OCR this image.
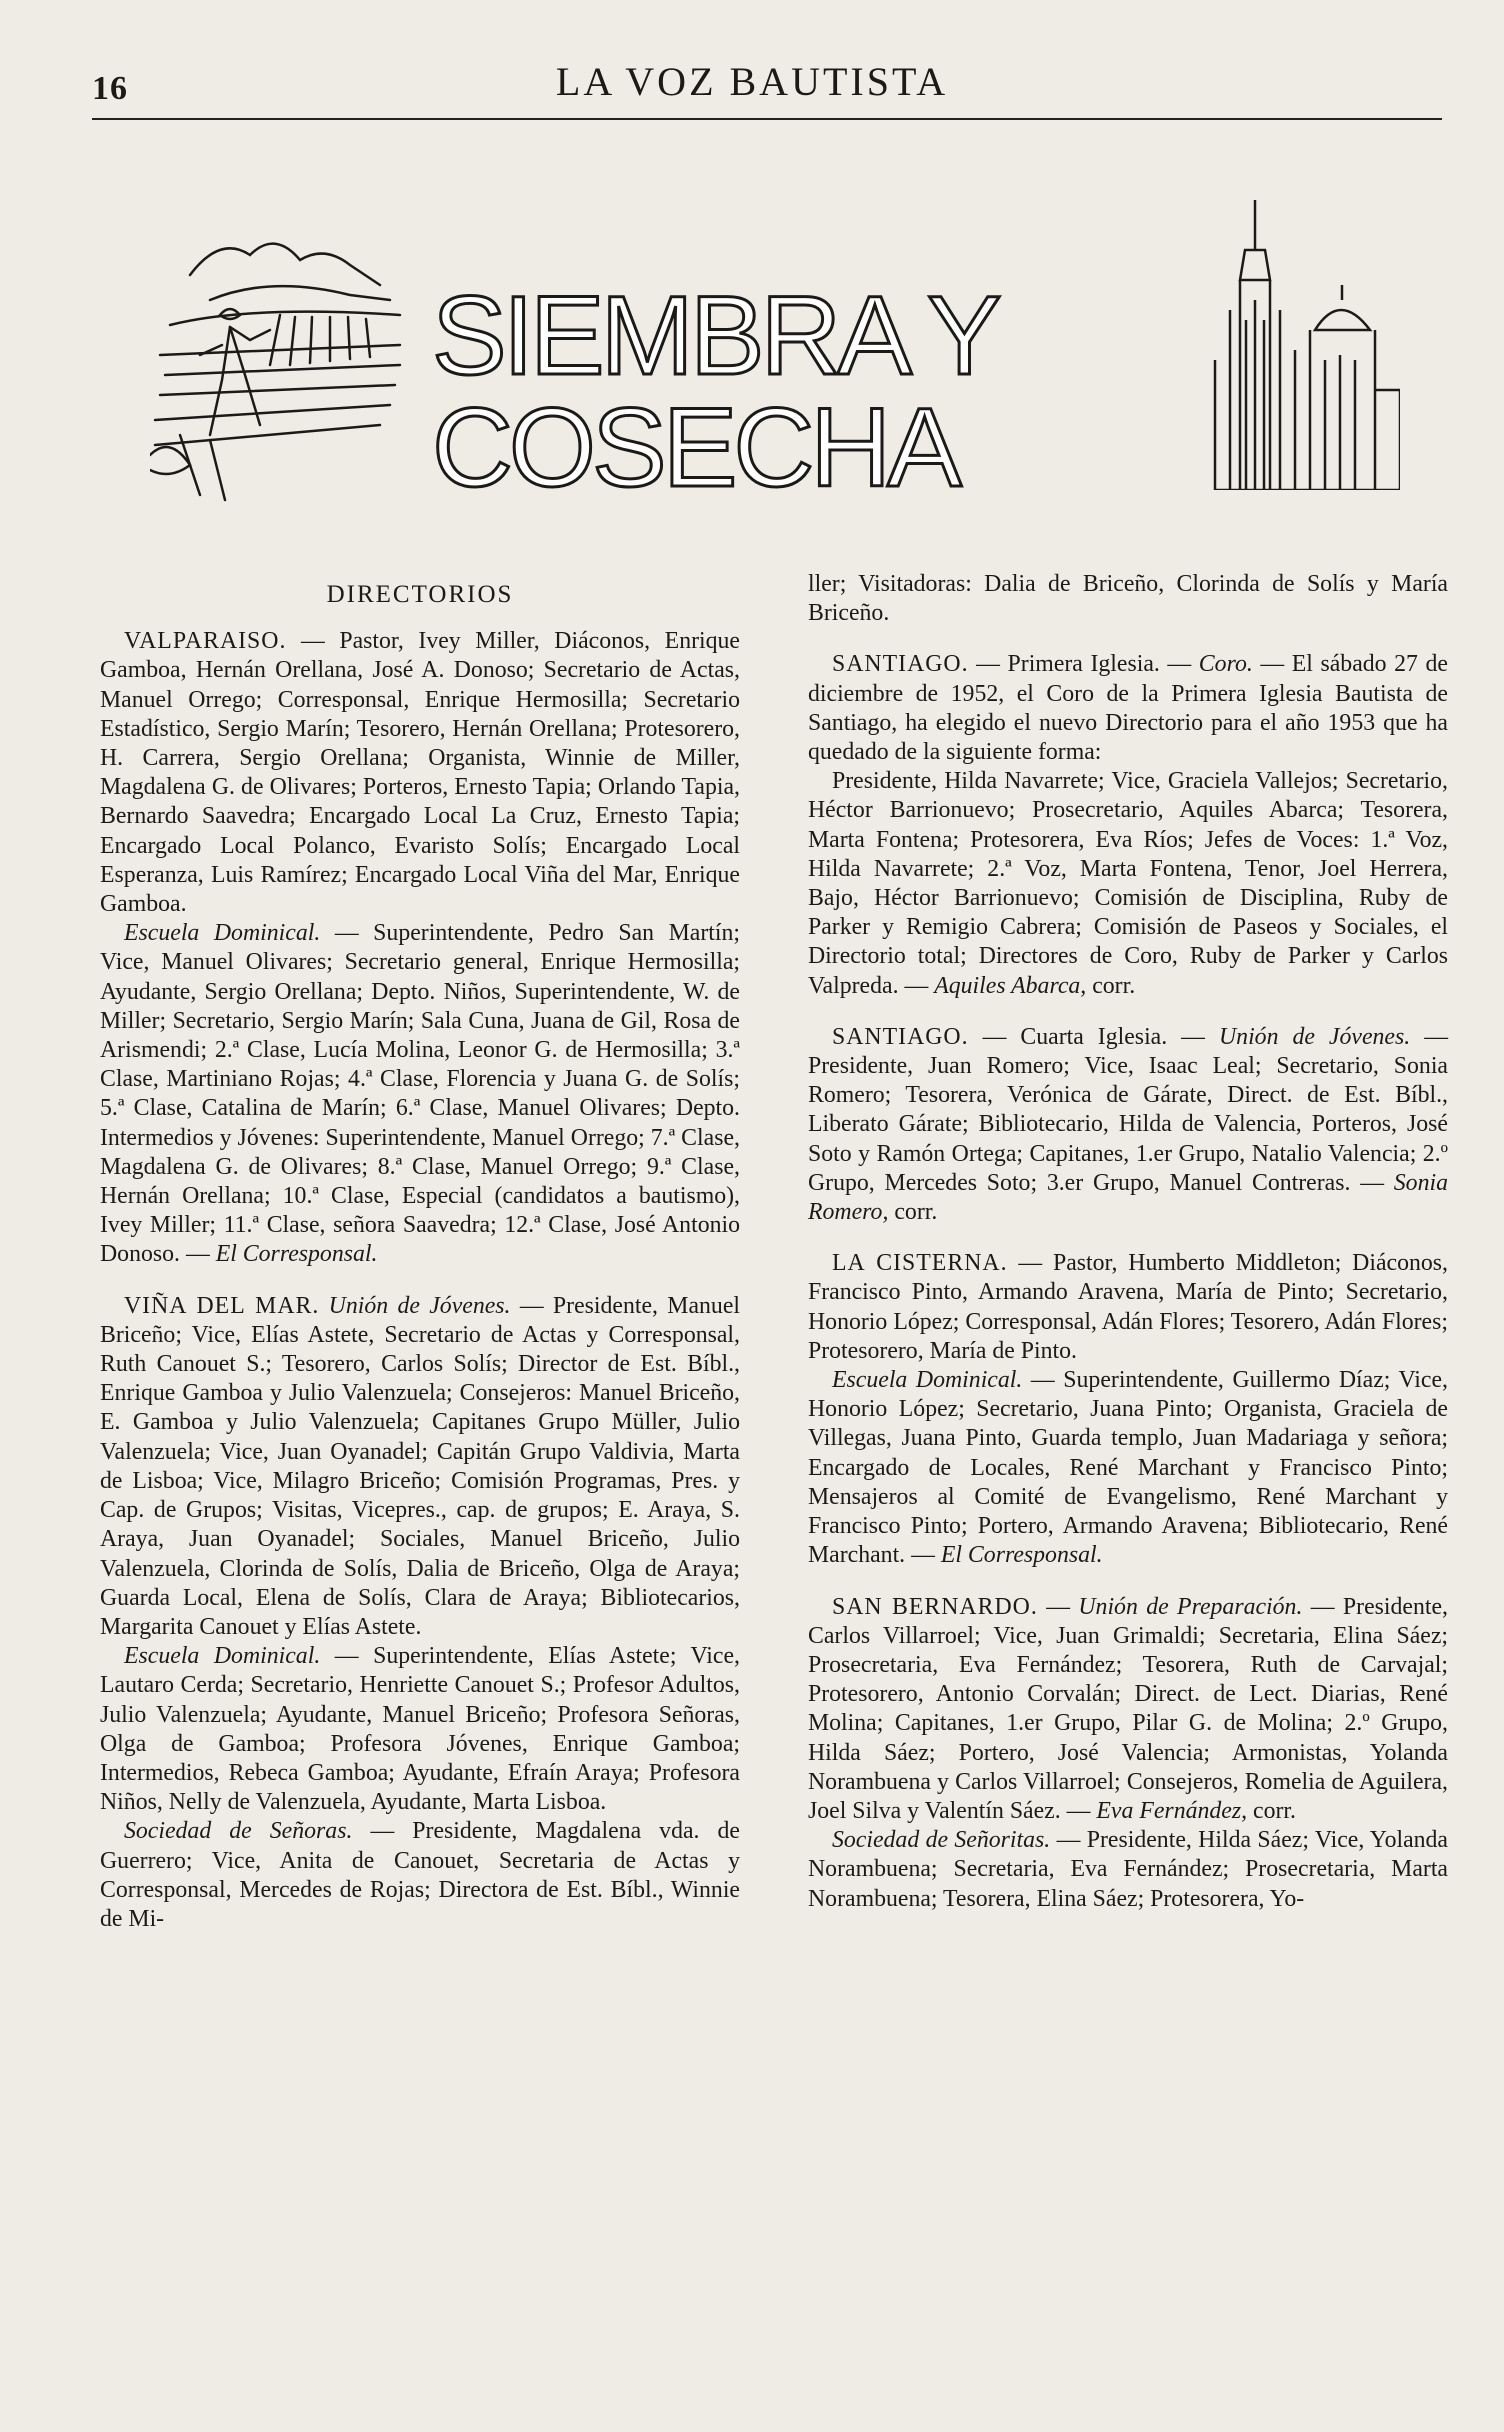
16	LA VOZ BAUTISTA
SIEMBRA Y COSECHA
DIRECTORIOS

VALPARAISO. — Pastor, Ivey Miller, Diáconos, Enrique Gamboa, Hernán Orellana, José A. Donoso; Secretario de Actas, Manuel Orrego; Corresponsal, Enrique Hermosilla; Secretario Estadístico, Sergio Marín; Tesorero, Hernán Orellana; Protesorero, H. Carrera, Sergio Orellana; Organista, Winnie de Miller, Magdalena G. de Olivares; Porteros, Ernesto Tapia; Orlando Tapia, Bernardo Saavedra; Encargado Local La Cruz, Ernesto Tapia; Encargado Local Polanco, Evaristo Solís; Encargado Local Esperanza, Luis Ramírez; Encargado Local Viña del Mar, Enrique Gamboa.

Escuela Dominical. — Superintendente, Pedro San Martín; Vice, Manuel Olivares; Secretario general, Enrique Hermosilla; Ayudante, Sergio Orellana; Depto. Niños, Superintendente, W. de Miller; Secretario, Sergio Marín; Sala Cuna, Juana de Gil, Rosa de Arismendi; 2.ª Clase, Lucía Molina, Leonor G. de Hermosilla; 3.ª Clase, Martiniano Rojas; 4.ª Clase, Florencia y Juana G. de Solís; 5.ª Clase, Catalina de Marín; 6.ª Clase, Manuel Olivares; Depto. Intermedios y Jóvenes: Superintendente, Manuel Orrego; 7.ª Clase, Magdalena G. de Olivares; 8.ª Clase, Manuel Orrego; 9.ª Clase, Hernán Orellana; 10.ª Clase, Especial (candidatos a bautismo), Ivey Miller; 11.ª Clase, señora Saavedra; 12.ª Clase, José Antonio Donoso. — El Corresponsal.

VIÑA DEL MAR. Unión de Jóvenes. — Presidente, Manuel Briceño; Vice, Elías Astete, Secretario de Actas y Corresponsal, Ruth Canouet S.; Tesorero, Carlos Solís; Director de Est. Bíbl., Enrique Gamboa y Julio Valenzuela; Consejeros: Manuel Briceño, E. Gamboa y Julio Valenzuela; Capitanes Grupo Müller, Julio Valenzuela; Vice, Juan Oyanadel; Capitán Grupo Valdivia, Marta de Lisboa; Vice, Milagro Briceño; Comisión Programas, Pres. y Cap. de Grupos; Visitas, Vicepres., cap. de grupos; E. Araya, S. Araya, Juan Oyanadel; Sociales, Manuel Briceño, Julio Valenzuela, Clorinda de Solís, Dalia de Briceño, Olga de Araya; Guarda Local, Elena de Solís, Clara de Araya; Bibliotecarios, Margarita Canouet y Elías Astete.

Escuela Dominical. — Superintendente, Elías Astete; Vice, Lautaro Cerda; Secretario, Henriette Canouet S.; Profesor Adultos, Julio Valenzuela; Ayudante, Manuel Briceño; Profesora Señoras, Olga de Gamboa; Profesora Jóvenes, Enrique Gamboa; Intermedios, Rebeca Gamboa; Ayudante, Efraín Araya; Profesora Niños, Nelly de Valenzuela, Ayudante, Marta Lisboa.

Sociedad de Señoras. — Presidente, Magdalena vda. de Guerrero; Vice, Anita de Canouet, Secretaria de Actas y Corresponsal, Mercedes de Rojas; Directora de Est. Bíbl., Winnie de Mi-

ller; Visitadoras: Dalia de Briceño, Clorinda de Solís y María Briceño.

SANTIAGO. — Primera Iglesia. — Coro. — El sábado 27 de diciembre de 1952, el Coro de la Primera Iglesia Bautista de Santiago, ha elegido el nuevo Directorio para el año 1953 que ha quedado de la siguiente forma:

Presidente, Hilda Navarrete; Vice, Graciela Vallejos; Secretario, Héctor Barrionuevo; Prosecretario, Aquiles Abarca; Tesorera, Marta Fontena; Protesorera, Eva Ríos; Jefes de Voces: 1.ª Voz, Hilda Navarrete; 2.ª Voz, Marta Fontena, Tenor, Joel Herrera, Bajo, Héctor Barrionuevo; Comisión de Disciplina, Ruby de Parker y Remigio Cabrera; Comisión de Paseos y Sociales, el Directorio total; Directores de Coro, Ruby de Parker y Carlos Valpreda. — Aquiles Abarca, corr.

SANTIAGO. — Cuarta Iglesia. — Unión de Jóvenes. — Presidente, Juan Romero; Vice, Isaac Leal; Secretario, Sonia Romero; Tesorera, Verónica de Gárate, Direct. de Est. Bíbl., Liberato Gárate; Bibliotecario, Hilda de Valencia, Porteros, José Soto y Ramón Ortega; Capitanes, 1.er Grupo, Natalio Valencia; 2.º Grupo, Mercedes Soto; 3.er Grupo, Manuel Contreras. — Sonia Romero, corr.

LA CISTERNA. — Pastor, Humberto Middleton; Diáconos, Francisco Pinto, Armando Aravena, María de Pinto; Secretario, Honorio López; Corresponsal, Adán Flores; Tesorero, Adán Flores; Protesorero, María de Pinto.

Escuela Dominical. — Superintendente, Guillermo Díaz; Vice, Honorio López; Secretario, Juana Pinto; Organista, Graciela de Villegas, Juana Pinto, Guarda templo, Juan Madariaga y señora; Encargado de Locales, René Marchant y Francisco Pinto; Mensajeros al Comité de Evangelismo, René Marchant y Francisco Pinto; Portero, Armando Aravena; Bibliotecario, René Marchant. — El Corresponsal.

SAN BERNARDO. — Unión de Preparación. — Presidente, Carlos Villarroel; Vice, Juan Grimaldi; Secretaria, Elina Sáez; Prosecretaria, Eva Fernández; Tesorera, Ruth de Carvajal; Protesorero, Antonio Corvalán; Direct. de Lect. Diarias, René Molina; Capitanes, 1.er Grupo, Pilar G. de Molina; 2.º Grupo, Hilda Sáez; Portero, José Valencia; Armonistas, Yolanda Norambuena y Carlos Villarroel; Consejeros, Romelia de Aguilera, Joel Silva y Valentín Sáez. — Eva Fernández, corr.

Sociedad de Señoritas. — Presidente, Hilda Sáez; Vice, Yolanda Norambuena; Secretaria, Eva Fernández; Prosecretaria, Marta Norambuena; Tesorera, Elina Sáez; Protesorera, Yo-
